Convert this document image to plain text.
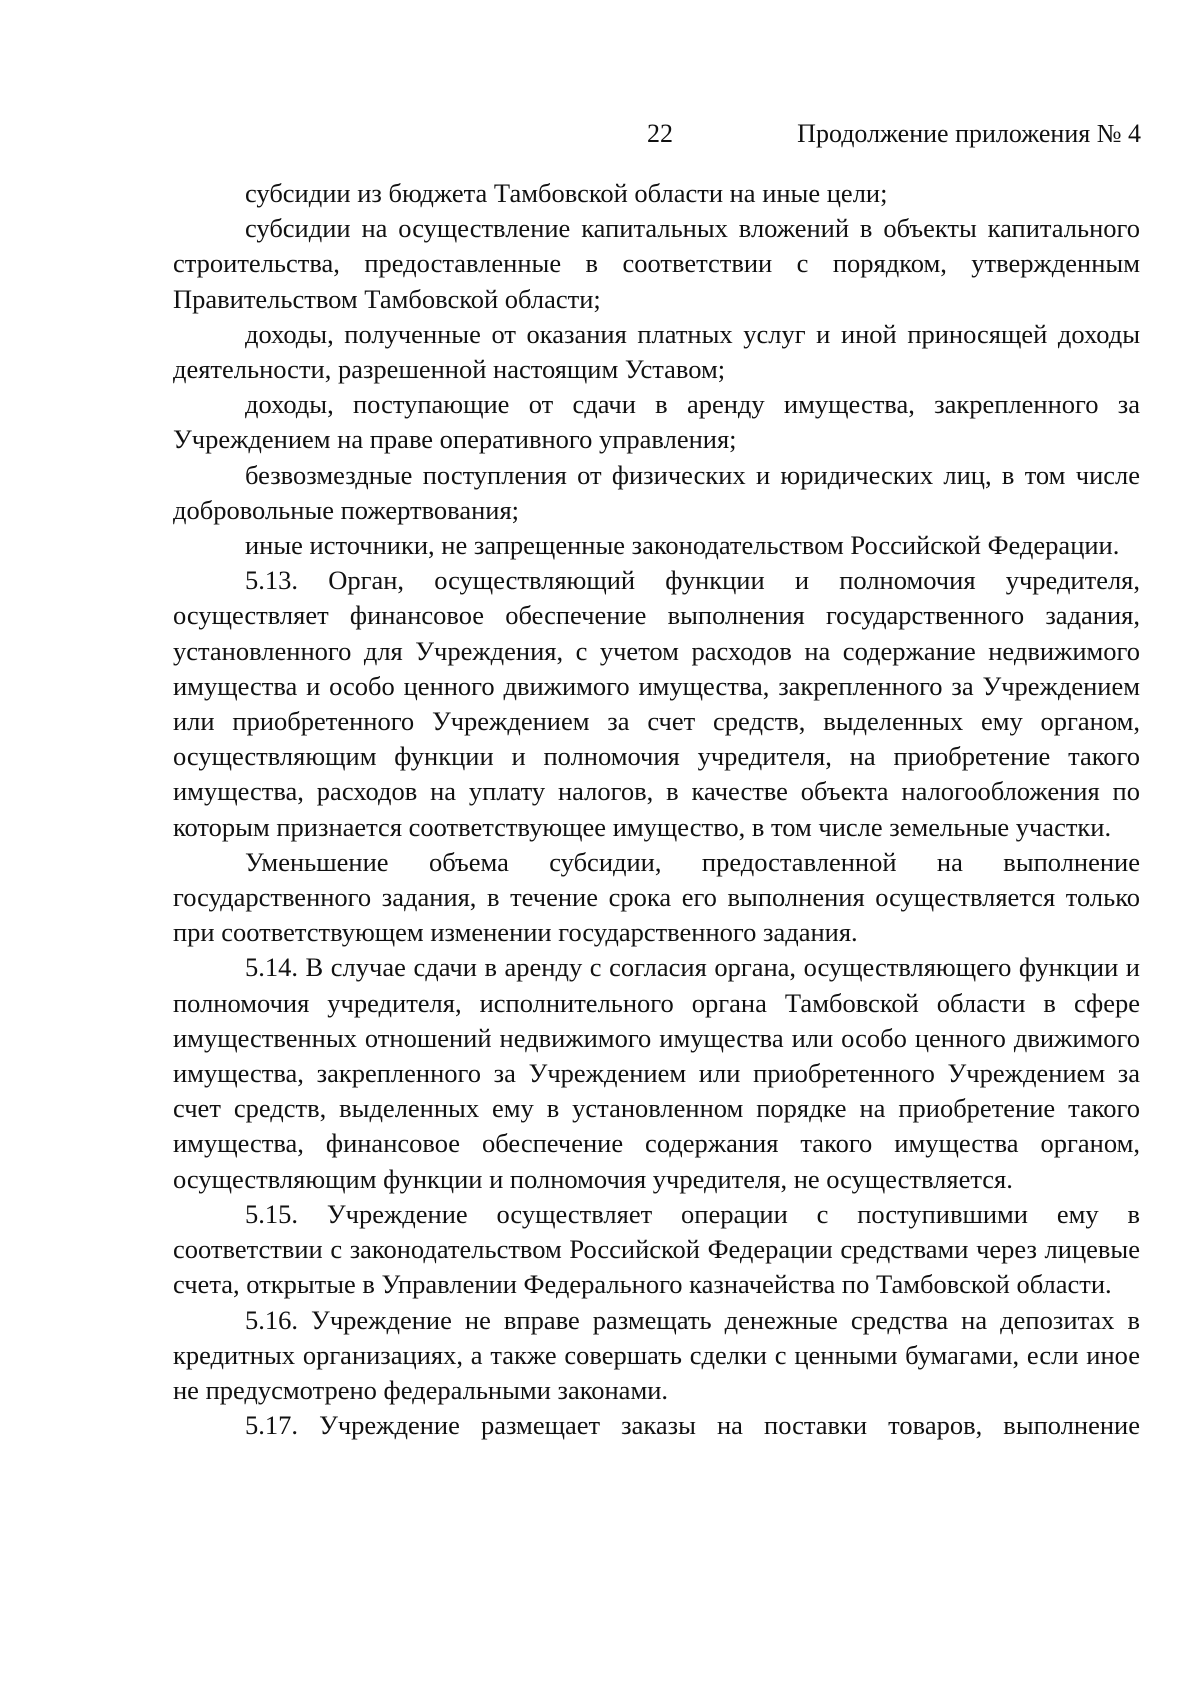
22	Продолжение приложения № 4

субсидии из бюджета Тамбовской области на иные цели;

субсидии на осуществление капитальных вложений в объекты капитального строительства, предоставленные в соответствии с порядком, утвержденным Правительством Тамбовской области;

доходы, полученные от оказания платных услуг и иной приносящей доходы деятельности, разрешенной настоящим Уставом;

доходы, поступающие от сдачи в аренду имущества, закрепленного за Учреждением на праве оперативного управления;

безвозмездные поступления от физических и юридических лиц, в том числе добровольные пожертвования;

иные источники, не запрещенные законодательством Российской Федерации.

5.13. Орган, осуществляющий функции и полномочия учредителя, осуществляет финансовое обеспечение выполнения государственного задания, установленного для Учреждения, с учетом расходов на содержание недвижимого имущества и особо ценного движимого имущества, закрепленного за Учреждением или приобретенного Учреждением за счет средств, выделенных ему органом, осуществляющим функции и полномочия учредителя, на приобретение такого имущества, расходов на уплату налогов, в качестве объекта налогообложения по которым признается соответствующее имущество, в том числе земельные участки.

Уменьшение объема субсидии, предоставленной на выполнение государственного задания, в течение срока его выполнения осуществляется только при соответствующем изменении государственного задания.

5.14. В случае сдачи в аренду с согласия органа, осуществляющего функции и полномочия учредителя, исполнительного органа Тамбовской области в сфере имущественных отношений недвижимого имущества или особо ценного движимого имущества, закрепленного за Учреждением или приобретенного Учреждением за счет средств, выделенных ему в установленном порядке на приобретение такого имущества, финансовое обеспечение содержания такого имущества органом, осуществляющим функции и полномочия учредителя, не осуществляется.

5.15. Учреждение осуществляет операции с поступившими ему в соответствии с законодательством Российской Федерации средствами через лицевые счета, открытые в Управлении Федерального казначейства по Тамбовской области.

5.16. Учреждение не вправе размещать денежные средства на депозитах в кредитных организациях, а также совершать сделки с ценными бумагами, если иное не предусмотрено федеральными законами.

5.17. Учреждение размещает заказы на поставки товаров, выполнение
